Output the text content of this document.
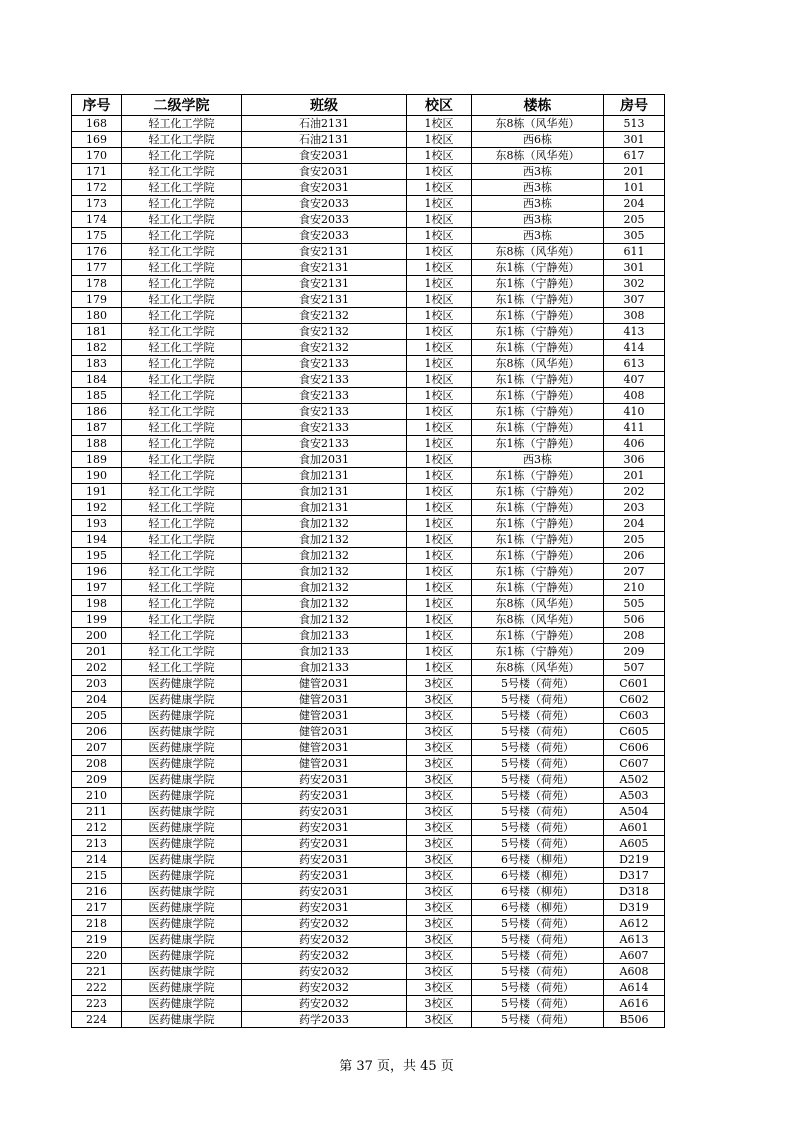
序号	二级学院	班级	校区	楼栋	房号
168	轻工化工学院	石油2131	1校区	东8栋（风华苑）	513
169	轻工化工学院	石油2131	1校区	西6栋	301
170	轻工化工学院	食安2031	1校区	东8栋（风华苑）	617
171	轻工化工学院	食安2031	1校区	西3栋	201
172	轻工化工学院	食安2031	1校区	西3栋	101
173	轻工化工学院	食安2033	1校区	西3栋	204
174	轻工化工学院	食安2033	1校区	西3栋	205
175	轻工化工学院	食安2033	1校区	西3栋	305
176	轻工化工学院	食安2131	1校区	东8栋（风华苑）	611
177	轻工化工学院	食安2131	1校区	东1栋（宁静苑）	301
178	轻工化工学院	食安2131	1校区	东1栋（宁静苑）	302
179	轻工化工学院	食安2131	1校区	东1栋（宁静苑）	307
180	轻工化工学院	食安2132	1校区	东1栋（宁静苑）	308
181	轻工化工学院	食安2132	1校区	东1栋（宁静苑）	413
182	轻工化工学院	食安2132	1校区	东1栋（宁静苑）	414
183	轻工化工学院	食安2133	1校区	东8栋（风华苑）	613
184	轻工化工学院	食安2133	1校区	东1栋（宁静苑）	407
185	轻工化工学院	食安2133	1校区	东1栋（宁静苑）	408
186	轻工化工学院	食安2133	1校区	东1栋（宁静苑）	410
187	轻工化工学院	食安2133	1校区	东1栋（宁静苑）	411
188	轻工化工学院	食安2133	1校区	东1栋（宁静苑）	406
189	轻工化工学院	食加2031	1校区	西3栋	306
190	轻工化工学院	食加2131	1校区	东1栋（宁静苑）	201
191	轻工化工学院	食加2131	1校区	东1栋（宁静苑）	202
192	轻工化工学院	食加2131	1校区	东1栋（宁静苑）	203
193	轻工化工学院	食加2132	1校区	东1栋（宁静苑）	204
194	轻工化工学院	食加2132	1校区	东1栋（宁静苑）	205
195	轻工化工学院	食加2132	1校区	东1栋（宁静苑）	206
196	轻工化工学院	食加2132	1校区	东1栋（宁静苑）	207
197	轻工化工学院	食加2132	1校区	东1栋（宁静苑）	210
198	轻工化工学院	食加2132	1校区	东8栋（风华苑）	505
199	轻工化工学院	食加2132	1校区	东8栋（风华苑）	506
200	轻工化工学院	食加2133	1校区	东1栋（宁静苑）	208
201	轻工化工学院	食加2133	1校区	东1栋（宁静苑）	209
202	轻工化工学院	食加2133	1校区	东8栋（风华苑）	507
203	医药健康学院	健管2031	3校区	5号楼（荷苑）	C601
204	医药健康学院	健管2031	3校区	5号楼（荷苑）	C602
205	医药健康学院	健管2031	3校区	5号楼（荷苑）	C603
206	医药健康学院	健管2031	3校区	5号楼（荷苑）	C605
207	医药健康学院	健管2031	3校区	5号楼（荷苑）	C606
208	医药健康学院	健管2031	3校区	5号楼（荷苑）	C607
209	医药健康学院	药安2031	3校区	5号楼（荷苑）	A502
210	医药健康学院	药安2031	3校区	5号楼（荷苑）	A503
211	医药健康学院	药安2031	3校区	5号楼（荷苑）	A504
212	医药健康学院	药安2031	3校区	5号楼（荷苑）	A601
213	医药健康学院	药安2031	3校区	5号楼（荷苑）	A605
214	医药健康学院	药安2031	3校区	6号楼（柳苑）	D219
215	医药健康学院	药安2031	3校区	6号楼（柳苑）	D317
216	医药健康学院	药安2031	3校区	6号楼（柳苑）	D318
217	医药健康学院	药安2031	3校区	6号楼（柳苑）	D319
218	医药健康学院	药安2032	3校区	5号楼（荷苑）	A612
219	医药健康学院	药安2032	3校区	5号楼（荷苑）	A613
220	医药健康学院	药安2032	3校区	5号楼（荷苑）	A607
221	医药健康学院	药安2032	3校区	5号楼（荷苑）	A608
222	医药健康学院	药安2032	3校区	5号楼（荷苑）	A614
223	医药健康学院	药安2032	3校区	5号楼（荷苑）	A616
224	医药健康学院	药学2033	3校区	5号楼（荷苑）	B506
第 37 页，共 45 页
